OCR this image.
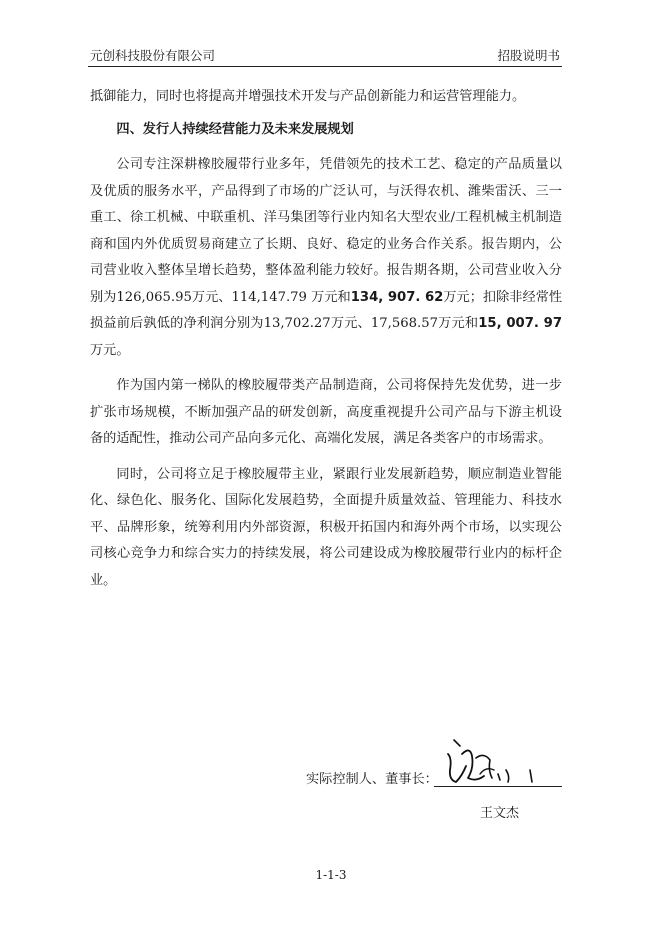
元创科技股份有限公司	招股说明书

抵御能力，同时也将提高并增强技术开发与产品创新能力和运营管理能力。

四、发行人持续经营能力及未来发展规划

公司专注深耕橡胶履带行业多年，凭借领先的技术工艺、稳定的产品质量以及优质的服务水平，产品得到了市场的广泛认可，与沃得农机、潍柴雷沃、三一重工、徐工机械、中联重机、洋马集团等行业内知名大型农业/工程机械主机制造商和国内外优质贸易商建立了长期、良好、稳定的业务合作关系。报告期内，公司营业收入整体呈增长趋势，整体盈利能力较好。报告期各期，公司营业收入分别为126,065.95万元、114,147.79 万元和134, 907. 62万元；扣除非经常性损益前后孰低的净利润分别为13,702.27万元、17,568.57万元和15, 007. 97万元。

作为国内第一梯队的橡胶履带类产品制造商，公司将保持先发优势，进一步扩张市场规模，不断加强产品的研发创新，高度重视提升公司产品与下游主机设备的适配性，推动公司产品向多元化、高端化发展，满足各类客户的市场需求。

同时，公司将立足于橡胶履带主业，紧跟行业发展新趋势，顺应制造业智能化、绿色化、服务化、国际化发展趋势，全面提升质量效益、管理能力、科技水平、品牌形象，统筹利用内外部资源，积极开拓国内和海外两个市场，以实现公司核心竞争力和综合实力的持续发展，将公司建设成为橡胶履带行业内的标杆企业。

实际控制人、董事长：
王文杰
1-1-3
